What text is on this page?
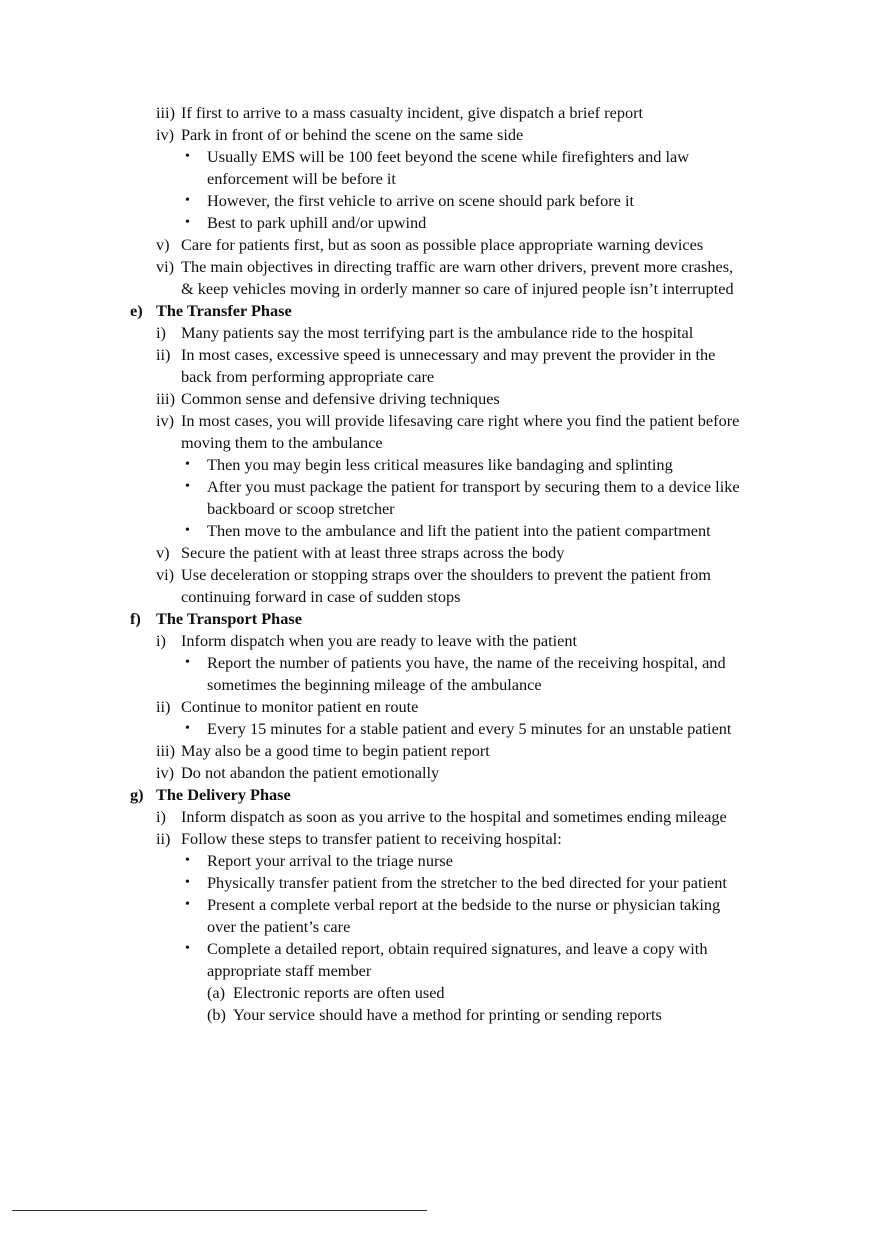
iii) If first to arrive to a mass casualty incident, give dispatch a brief report
iv) Park in front of or behind the scene on the same side
• Usually EMS will be 100 feet beyond the scene while firefighters and law
enforcement will be before it
• However, the first vehicle to arrive on scene should park before it
• Best to park uphill and/or upwind
v) Care for patients first, but as soon as possible place appropriate warning devices
vi) The main objectives in directing traffic are warn other drivers, prevent more crashes,
& keep vehicles moving in orderly manner so care of injured people isn’t interrupted
e) The Transfer Phase
i) Many patients say the most terrifying part is the ambulance ride to the hospital
ii) In most cases, excessive speed is unnecessary and may prevent the provider in the
back from performing appropriate care
iii) Common sense and defensive driving techniques
iv) In most cases, you will provide lifesaving care right where you find the patient before
moving them to the ambulance
• Then you may begin less critical measures like bandaging and splinting
• After you must package the patient for transport by securing them to a device like
backboard or scoop stretcher
• Then move to the ambulance and lift the patient into the patient compartment
v) Secure the patient with at least three straps across the body
vi) Use deceleration or stopping straps over the shoulders to prevent the patient from
continuing forward in case of sudden stops
f) The Transport Phase
i) Inform dispatch when you are ready to leave with the patient
• Report the number of patients you have, the name of the receiving hospital, and
sometimes the beginning mileage of the ambulance
ii) Continue to monitor patient en route
• Every 15 minutes for a stable patient and every 5 minutes for an unstable patient
iii) May also be a good time to begin patient report
iv) Do not abandon the patient emotionally
g) The Delivery Phase
i) Inform dispatch as soon as you arrive to the hospital and sometimes ending mileage
ii) Follow these steps to transfer patient to receiving hospital:
• Report your arrival to the triage nurse
• Physically transfer patient from the stretcher to the bed directed for your patient
• Present a complete verbal report at the bedside to the nurse or physician taking
over the patient’s care
• Complete a detailed report, obtain required signatures, and leave a copy with
appropriate staff member
(a) Electronic reports are often used
(b) Your service should have a method for printing or sending reports
